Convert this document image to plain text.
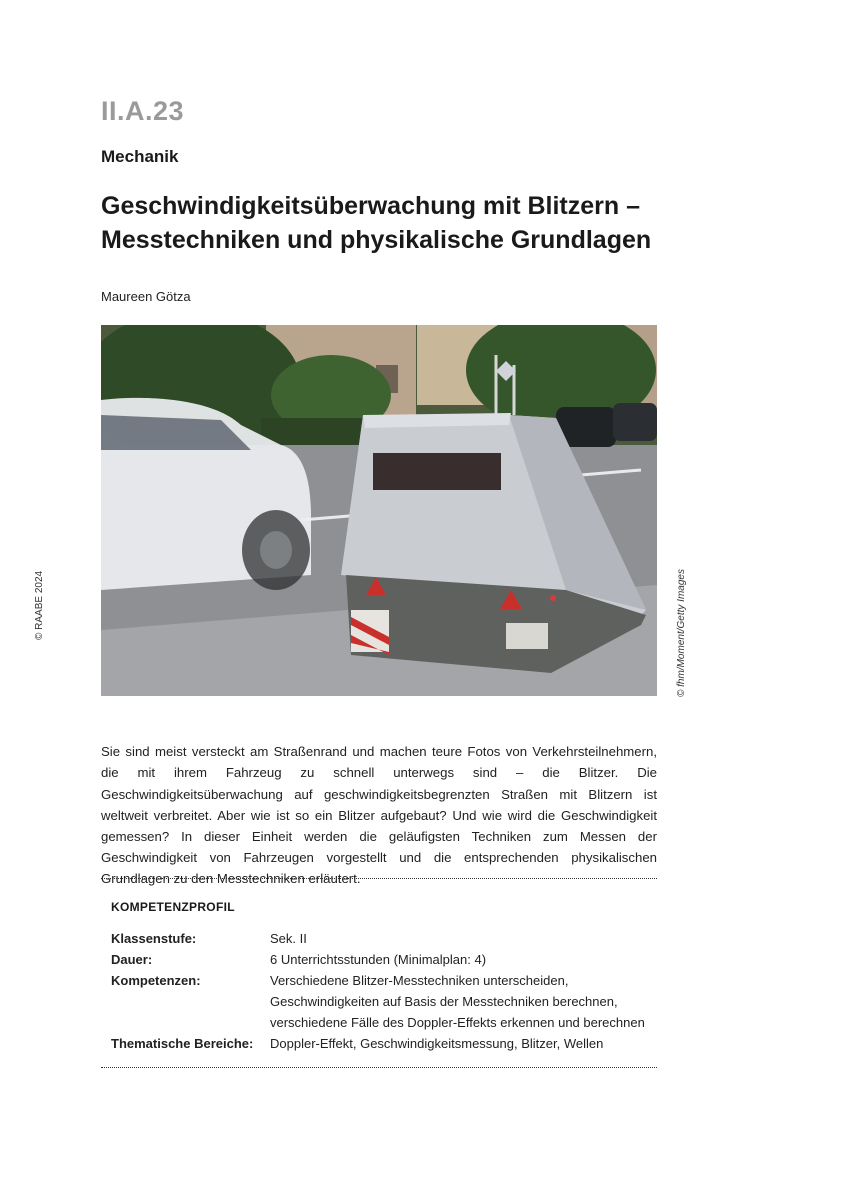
II.A.23
Mechanik
Geschwindigkeitsüberwachung mit Blitzern –
Messtechniken und physikalische Grundlagen
Maureen Götza
© RAABE 2024	© fhm/Moment/Getty Images

Sie sind meist versteckt am Straßenrand und machen teure Fotos von Verkehrsteilnehmern, die mit ihrem Fahrzeug zu schnell unterwegs sind – die Blitzer. Die Geschwindigkeitsüberwachung auf geschwindigkeitsbegrenzten Straßen mit Blitzern ist weltweit verbreitet. Aber wie ist so ein Blitzer aufgebaut? Und wie wird die Geschwindigkeit gemessen? In dieser Einheit werden die geläufigsten Techniken zum Messen der Geschwindigkeit von Fahrzeugen vorgestellt und die entsprechenden physikalischen Grundlagen zu den Messtechniken erläutert.

KOMPETENZPROFIL
Klassenstufe:	Sek. II
Dauer:	6 Unterrichtsstunden (Minimalplan: 4)
Kompetenzen:	Verschiedene Blitzer-Messtechniken unterscheiden, Geschwindigkeiten auf Basis der Messtechniken berechnen, verschiedene Fälle des Doppler-Effekts erkennen und berechnen
Thematische Bereiche:	Doppler-Effekt, Geschwindigkeitsmessung, Blitzer, Wellen
